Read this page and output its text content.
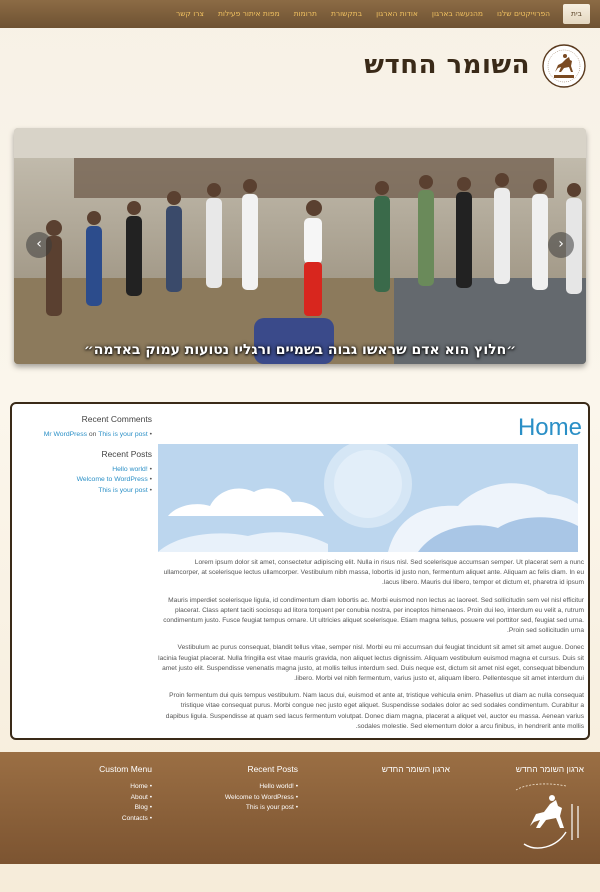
בית
הפרוייקטים שלנו
מהנעשה בארגון
אודות הארגון
בתקשורת
תרומות
מפות איתור פעילות
צרו קשר
השומר החדש
‹	›
״חלוץ הוא אדם שראשו גבוה בשמיים ורגליו נטועות עמוק באדמה״
Home

Lorem ipsum dolor sit amet, consectetur adipiscing elit. Nulla in risus nisl. Sed scelerisque accumsan semper. Ut placerat sem a nunc ullamcorper, at scelerisque lectus ullamcorper. Vestibulum nibh massa, lobortis id justo non, fermentum aliquet ante. Aliquam ac felis diam. In eu lacus libero. Mauris dui libero, tempor et dictum et, pharetra id ipsum.

Mauris imperdiet scelerisque ligula, id condimentum diam lobortis ac. Morbi euismod non lectus ac laoreet. Sed sollicitudin sem vel nisl efficitur placerat. Class aptent taciti sociosqu ad litora torquent per conubia nostra, per inceptos himenaeos. Proin dui leo, interdum eu velit a, rutrum condimentum justo. Fusce feugiat tempus ornare. Ut ultricies aliquet scelerisque. Etiam magna tellus, posuere vel porttitor sed, feugiat sed urna. Proin sed sollicitudin urna.

Vestibulum ac purus consequat, blandit tellus vitae, semper nisl. Morbi eu mi accumsan dui feugiat tincidunt sit amet sit amet augue. Donec lacinia feugiat placerat. Nulla fringilla est vitae mauris gravida, non aliquet lectus dignissim. Aliquam vestibulum euismod magna et cursus. Duis sit amet justo elit. Suspendisse venenatis magna justo, at mollis tellus interdum sed. Duis neque est, dictum sit amet nisl eget, consequat bibendum libero. Morbi vel nibh fermentum, varius justo et, aliquam libero. Pellentesque sit amet interdum dui.

Proin fermentum dui quis tempus vestibulum. Nam lacus dui, euismod et ante at, tristique vehicula enim. Phasellus ut diam ac nulla consequat tristique vitae consequat purus. Morbi congue nec justo eget aliquet. Suspendisse sodales dolor ac sed sodales condimentum. Curabitur a dapibus ligula. Suspendisse at quam sed lacus fermentum volutpat. Donec diam magna, placerat a aliquet vel, auctor eu massa. Aenean varius sodales molestie. Sed elementum dolor a arcu finibus, in hendrerit ante mollis.

Recent Comments
Mr WordPress on This is your post •
Recent Posts
Hello world! •
Welcome to WordPress •
This is your post •
Custom Menu
Home •
About •
Blog •
Contacts •
Recent Posts
Hello world! •
Welcome to WordPress •
This is your post •
ארגון השומר החדש	ארגון השומר החדש
